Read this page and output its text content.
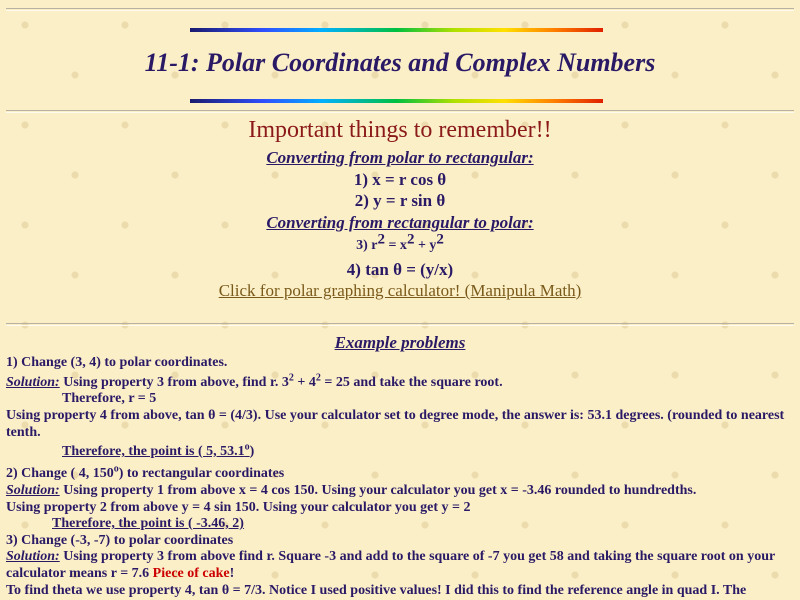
11-1: Polar Coordinates and Complex Numbers
Important things to remember!!
Converting from polar to rectangular:
1) x = r cos θ
2) y = r sin θ
Converting from rectangular to polar:
3) r2 = x2 + y2
4) tan θ = (y/x)
Click for polar graphing calculator! (Manipula Math)
Example problems
1) Change (3, 4) to polar coordinates.
Solution: Using property 3 from above, find r. $3^2 + 4^2 = 25$ and take the square root.
Therefore, r = 5
Using property 4 from above, tan θ = (4/3). Use your calculator set to degree mode, the answer is: 53.1 degrees. (rounded to nearest tenth.
Therefore, the point is ( 5, 53.1$^o$)
2) Change ( 4, 150$^o$) to rectangular coordinates
Solution: Using property 1 from above x = 4 cos 150. Using your calculator you get x = -3.46 rounded to hundredths.
Using property 2 from above y = 4 sin 150. Using your calculator you get y = 2
Therefore, the point is ( -3.46, 2)
3) Change (-3, -7) to polar coordinates
Solution: Using property 3 from above find r. Square -3 and add to the square of -7 you get 58 and taking the square root on your calculator means r = 7.6 Piece of cake!
To find theta we use property 4, tan θ = 7/3. Notice I used positive values! I did this to find the reference angle in quad I. The
